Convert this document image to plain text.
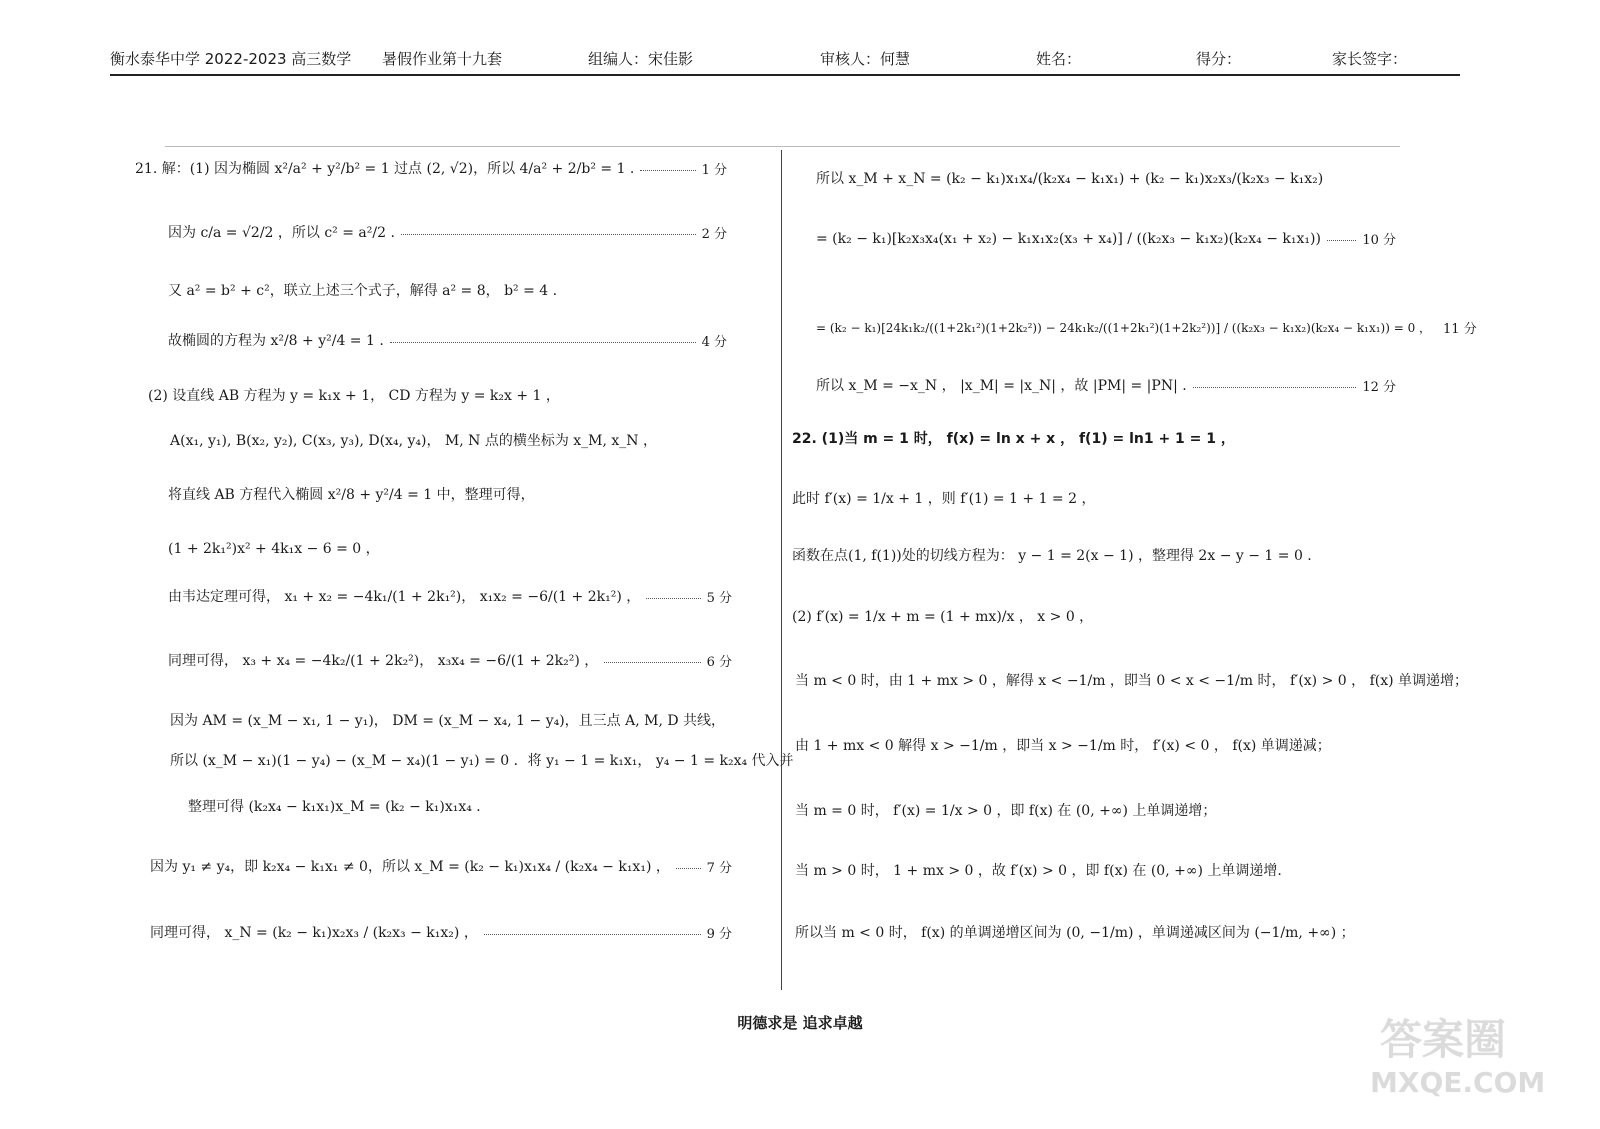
衡水泰华中学 2022-2023 高三数学 暑假作业第十九套	组编人：宋佳影	审核人：何慧	姓名：	得分：	家长签字：
21. 解：(1) 因为椭圆 x²/a² + y²/b² = 1 过点 (2, √2)，所以 4/a² + 2/b² = 1 .	1 分
因为 c/a = √2/2 ，所以 c² = a²/2 .	2 分
又 a² = b² + c²，联立上述三个式子，解得 a² = 8， b² = 4 .
故椭圆的方程为 x²/8 + y²/4 = 1 .	4 分
(2) 设直线 AB 方程为 y = k₁x + 1， CD 方程为 y = k₂x + 1 ，
A(x₁, y₁), B(x₂, y₂), C(x₃, y₃), D(x₄, y₄)， M, N 点的横坐标为 x_M, x_N ，
将直线 AB 方程代入椭圆 x²/8 + y²/4 = 1 中，整理可得，
(1 + 2k₁²)x² + 4k₁x − 6 = 0 ，
由韦达定理可得， x₁ + x₂ = −4k₁/(1 + 2k₁²)， x₁x₂ = −6/(1 + 2k₁²) ，	5 分
同理可得， x₃ + x₄ = −4k₂/(1 + 2k₂²)， x₃x₄ = −6/(1 + 2k₂²) ，	6 分
因为 AM = (x_M − x₁, 1 − y₁)， DM = (x_M − x₄, 1 − y₄)，且三点 A, M, D 共线，
所以 (x_M − x₁)(1 − y₄) − (x_M − x₄)(1 − y₁) = 0 ．将 y₁ − 1 = k₁x₁， y₄ − 1 = k₂x₄ 代入并
整理可得 (k₂x₄ − k₁x₁)x_M = (k₂ − k₁)x₁x₄ ．
因为 y₁ ≠ y₄，即 k₂x₄ − k₁x₁ ≠ 0，所以 x_M = (k₂ − k₁)x₁x₄ / (k₂x₄ − k₁x₁) ，	7 分
同理可得， x_N = (k₂ − k₁)x₂x₃ / (k₂x₃ − k₁x₂) ，	9 分
所以 x_M + x_N = (k₂ − k₁)x₁x₄/(k₂x₄ − k₁x₁) + (k₂ − k₁)x₂x₃/(k₂x₃ − k₁x₂)
= (k₂ − k₁)[k₂x₃x₄(x₁ + x₂) − k₁x₁x₂(x₃ + x₄)] / ((k₂x₃ − k₁x₂)(k₂x₄ − k₁x₁))	10 分
= (k₂ − k₁)[24k₁k₂/((1+2k₁²)(1+2k₂²)) − 24k₁k₂/((1+2k₁²)(1+2k₂²))] / ((k₂x₃ − k₁x₂)(k₂x₄ − k₁x₁)) = 0 ， 11 分
所以 x_M = −x_N ， |x_M| = |x_N| ，故 |PM| = |PN| .	12 分
22. (1)当 m = 1 时， f(x) = ln x + x ， f(1) = ln1 + 1 = 1 ，
此时 f′(x) = 1/x + 1 ，则 f′(1) = 1 + 1 = 2 ，
函数在点(1, f(1))处的切线方程为： y − 1 = 2(x − 1) ，整理得 2x − y − 1 = 0 .
(2) f′(x) = 1/x + m = (1 + mx)/x ， x > 0 ，
当 m < 0 时，由 1 + mx > 0 ，解得 x < −1/m ，即当 0 < x < −1/m 时， f′(x) > 0 ， f(x) 单调递增；
由 1 + mx < 0 解得 x > −1/m ，即当 x > −1/m 时， f′(x) < 0 ， f(x) 单调递减；
当 m = 0 时， f′(x) = 1/x > 0 ，即 f(x) 在 (0, +∞) 上单调递增；
当 m > 0 时， 1 + mx > 0 ，故 f′(x) > 0 ，即 f(x) 在 (0, +∞) 上单调递增.
所以当 m < 0 时， f(x) 的单调递增区间为 (0, −1/m) ，单调递减区间为 (−1/m, +∞) ；
明德求是 追求卓越	答案圈
MXQE.COM
